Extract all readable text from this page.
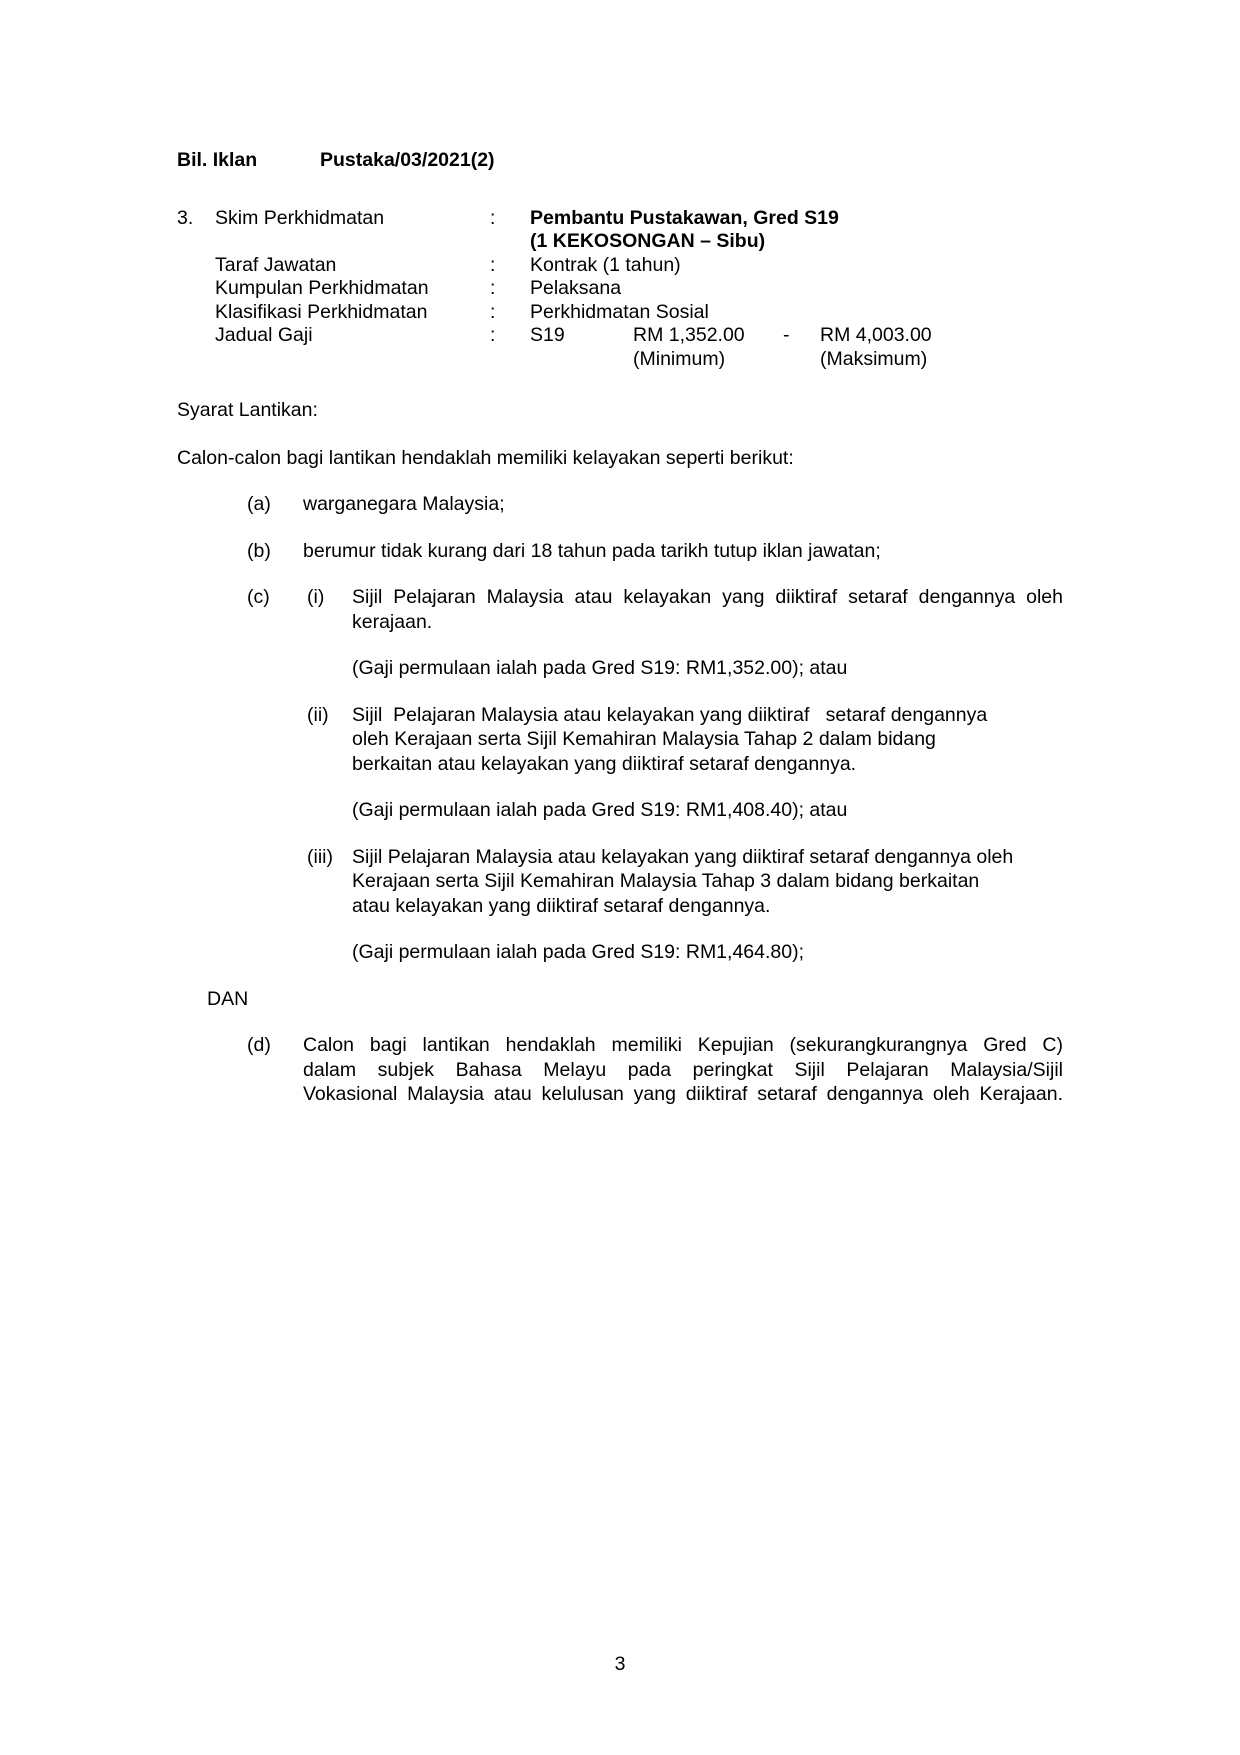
Bil. Iklan	Pustaka/03/2021(2)
3.	Skim Perkhidmatan	:	Pembantu Pustakawan, Gred S19
(1 KEKOSONGAN – Sibu)
Taraf Jawatan	:	Kontrak (1 tahun)
Kumpulan Perkhidmatan	:	Pelaksana
Klasifikasi Perkhidmatan	:	Perkhidmatan Sosial
Jadual Gaji	:	S19	RM 1,352.00	-	RM 4,003.00
(Minimum)	(Maksimum)
Syarat Lantikan:
Calon-calon bagi lantikan hendaklah memiliki kelayakan seperti berikut:
(a)	warganegara Malaysia;
(b)	berumur tidak kurang dari 18 tahun pada tarikh tutup iklan jawatan;
(c) (i)	Sijil Pelajaran Malaysia atau kelayakan yang diiktiraf setaraf dengannya oleh
kerajaan.
(Gaji permulaan ialah pada Gred S19: RM1,352.00); atau
(ii)	Sijil  Pelajaran Malaysia atau kelayakan yang diiktiraf   setaraf dengannya
oleh Kerajaan serta Sijil Kemahiran Malaysia Tahap 2 dalam bidang
berkaitan atau kelayakan yang diiktiraf setaraf dengannya.
(Gaji permulaan ialah pada Gred S19: RM1,408.40); atau
(iii) Sijil Pelajaran Malaysia atau kelayakan yang diiktiraf setaraf dengannya oleh
Kerajaan serta Sijil Kemahiran Malaysia Tahap 3 dalam bidang berkaitan
atau kelayakan yang diiktiraf setaraf dengannya.
(Gaji permulaan ialah pada Gred S19: RM1,464.80);
DAN
(d)	Calon bagi lantikan hendaklah memiliki Kepujian (sekurangkurangnya Gred C)
dalam subjek Bahasa Melayu pada peringkat Sijil Pelajaran Malaysia/Sijil
Vokasional Malaysia atau kelulusan yang diiktiraf setaraf dengannya oleh Kerajaan.
3
